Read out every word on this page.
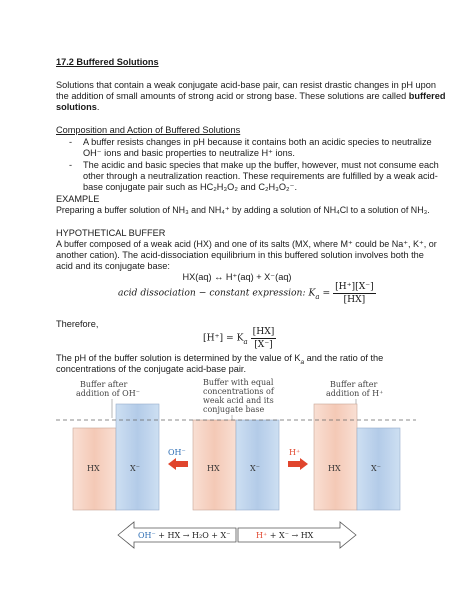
17.2 Buffered Solutions
Solutions that contain a weak conjugate acid-base pair, can resist drastic changes in pH upon
the addition of small amounts of strong acid or strong base. These solutions are called buffered
solutions.
Composition and Action of Buffered Solutions
- A buffer resists changes in pH because it contains both an acidic species to neutralize
OH⁻ ions and basic properties to neutralize H⁺ ions.
- The acidic and basic species that make up the buffer, however, must not consume each
other through a neutralization reaction. These requirements are fulfilled by a weak acid-
base conjugate pair such as HC₂H₃O₂ and C₂H₃O₂⁻.
EXAMPLE
Preparing a buffer solution of NH₃ and NH₄⁺ by adding a solution of NH₄Cl to a solution of NH₃.
HYPOTHETICAL BUFFER
A buffer composed of a weak acid (HX) and one of its salts (MX, where M⁺ could be Na⁺, K⁺, or
another cation). The acid-dissociation equilibrium in this buffered solution involves both the
acid and its conjugate base:
HX(aq) ↔ H⁺(aq) + X⁻(aq)
acid dissociation − constant expression: $K_a = \frac{[H^+][X^-]}{[HX]}$
Therefore,
$[H^+] = K_a \frac{[HX]}{[X^-]}$
The pH of the buffer solution is determined by the value of $K_a$ and the ratio of the
concentrations of the conjugate acid-base pair.
Buffer after
addition of OH⁻
Buffer with equal
concentrations of
weak acid and its
conjugate base
Buffer after
addition of H⁺
HX	X⁻	HX	X⁻	HX	X⁻
OH⁻	H⁺
OH⁻ + HX → H₂O + X⁻	H⁺ + X⁻ → HX
